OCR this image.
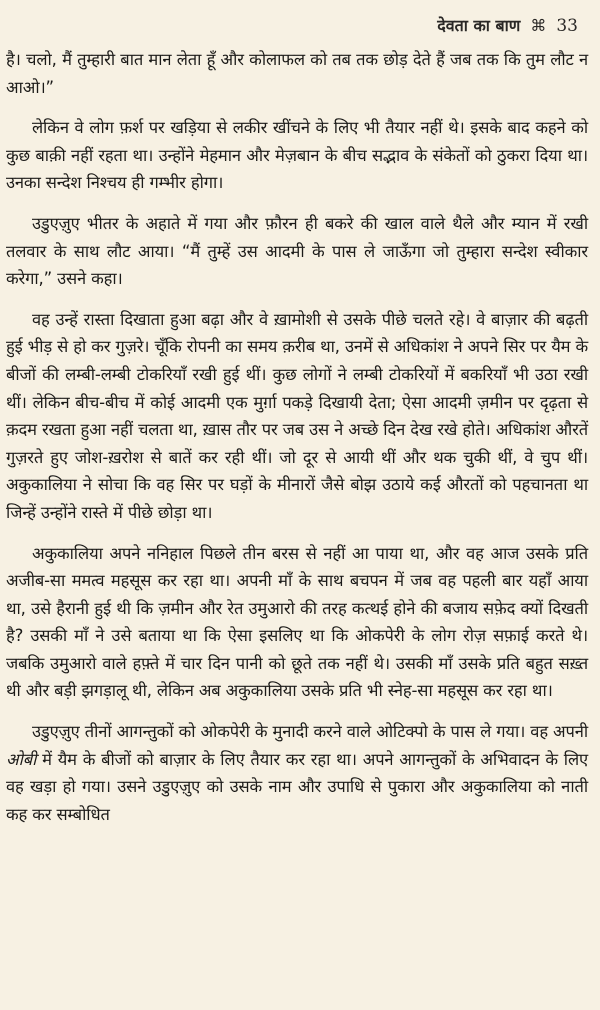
देवता का बाण ⌘ 33

है। चलो, मैं तुम्हारी बात मान लेता हूँ और कोलाफल को तब तक छोड़ देते हैं जब तक कि तुम लौट न आओ।”

लेकिन वे लोग फ़र्श पर खड़िया से लकीर खींचने के लिए भी तैयार नहीं थे। इसके बाद कहने को कुछ बाक़ी नहीं रहता था। उन्होंने मेहमान और मेज़बान के बीच सद्भाव के संकेतों को ठुकरा दिया था। उनका सन्देश निश्चय ही गम्भीर होगा।

उडुएज़ुए भीतर के अहाते में गया और फ़ौरन ही बकरे की खाल वाले थैले और म्यान में रखी तलवार के साथ लौट आया। “मैं तुम्हें उस आदमी के पास ले जाऊँगा जो तुम्हारा सन्देश स्वीकार करेगा,” उसने कहा।

वह उन्हें रास्ता दिखाता हुआ बढ़ा और वे ख़ामोशी से उसके पीछे चलते रहे। वे बाज़ार की बढ़ती हुई भीड़ से हो कर गुज़रे। चूँकि रोपनी का समय क़रीब था, उनमें से अधिकांश ने अपने सिर पर यैम के बीजों की लम्बी-लम्बी टोकरियाँ रखी हुई थीं। कुछ लोगों ने लम्बी टोकरियों में बकरियाँ भी उठा रखी थीं। लेकिन बीच-बीच में कोई आदमी एक मुर्ग़ा पकड़े दिखायी देता; ऐसा आदमी ज़मीन पर दृढ़ता से क़दम रखता हुआ नहीं चलता था, ख़ास तौर पर जब उस ने अच्छे दिन देख रखे होते। अधिकांश औरतें गुज़रते हुए जोश-ख़रोश से बातें कर रही थीं। जो दूर से आयी थीं और थक चुकी थीं, वे चुप थीं। अकुकालिया ने सोचा कि वह सिर पर घड़ों के मीनारों जैसे बोझ उठाये कई औरतों को पहचानता था जिन्हें उन्होंने रास्ते में पीछे छोड़ा था।

अकुकालिया अपने ननिहाल पिछले तीन बरस से नहीं आ पाया था, और वह आज उसके प्रति अजीब-सा ममत्व महसूस कर रहा था। अपनी माँ के साथ बचपन में जब वह पहली बार यहाँ आया था, उसे हैरानी हुई थी कि ज़मीन और रेत उमुआरो की तरह कत्थई होने की बजाय सफ़ेद क्यों दिखती है? उसकी माँ ने उसे बताया था कि ऐसा इसलिए था कि ओकपेरी के लोग रोज़ सफ़ाई करते थे। जबकि उमुआरो वाले हफ़्ते में चार दिन पानी को छूते तक नहीं थे। उसकी माँ उसके प्रति बहुत सख़्त थी और बड़ी झगड़ालू थी, लेकिन अब अकुकालिया उसके प्रति भी स्नेह-सा महसूस कर रहा था।

उडुएज़ुए तीनों आगन्तुकों को ओकपेरी के मुनादी करने वाले ओटिक्पो के पास ले गया। वह अपनी ओबी में यैम के बीजों को बाज़ार के लिए तैयार कर रहा था। अपने आगन्तुकों के अभिवादन के लिए वह खड़ा हो गया। उसने उडुएज़ुए को उसके नाम और उपाधि से पुकारा और अकुकालिया को नाती कह कर सम्बोधित
